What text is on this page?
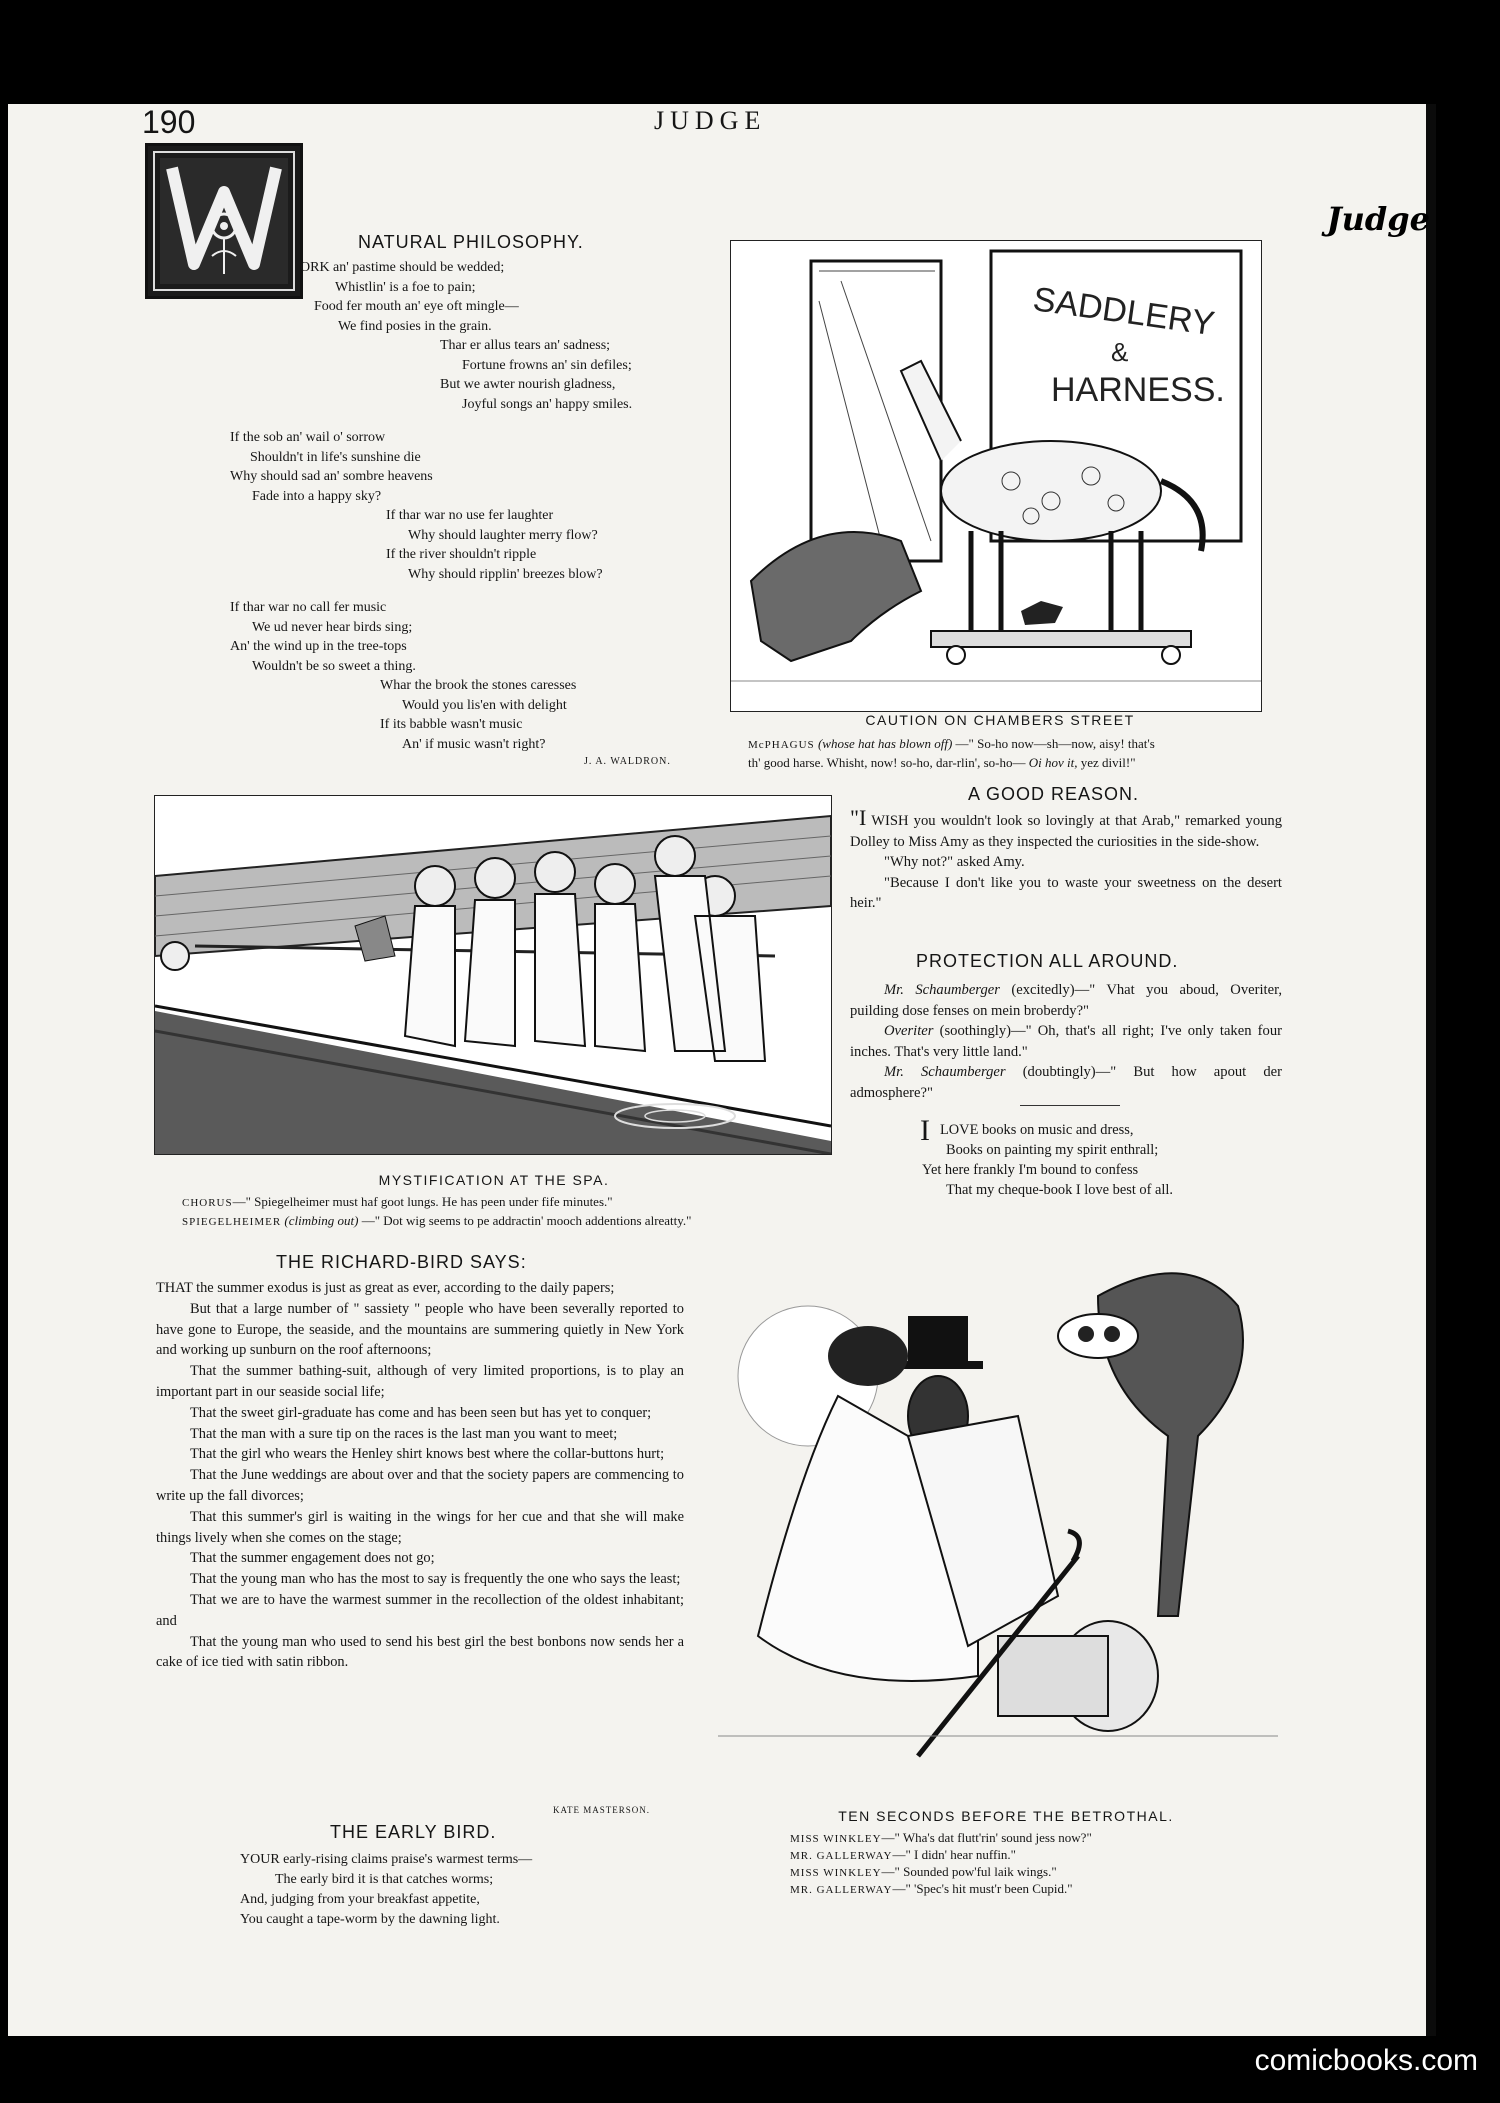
Judge
190	JUDGE
NATURAL PHILOSOPHY.
ORK an' pastime should be wedded;
Whistlin' is a foe to pain;
Food fer mouth an' eye oft mingle—
We find posies in the grain.
Thar er allus tears an' sadness;
Fortune frowns an' sin defiles;
But we awter nourish gladness,
Joyful songs an' happy smiles.
If the sob an' wail o' sorrow
Shouldn't in life's sunshine die
Why should sad an' sombre heavens
Fade into a happy sky?
If thar war no use fer laughter
Why should laughter merry flow?
If the river shouldn't ripple
Why should ripplin' breezes blow?
If thar war no call fer music
We ud never hear birds sing;
An' the wind up in the tree-tops
Wouldn't be so sweet a thing.
Whar the brook the stones caresses
Would you lis'en with delight
If its babble wasn't music
An' if music wasn't right?
J. A. WALDRON.
SADDLERY
&
HARNESS.
CAUTION ON CHAMBERS STREET
McPHAGUS (whose hat has blown off) —" So-ho now—sh—now, aisy! that's
th' good harse. Whisht, now! so-ho, dar-rlin', so-ho— Oi hov it, yez divil!"
MYSTIFICATION AT THE SPA.
CHORUS—" Spiegelheimer must haf goot lungs. He has peen under fife minutes."
SPIEGELHEIMER (climbing out) —" Dot wig seems to pe addractin' mooch addentions alreatty."
A GOOD REASON.

"I WISH you wouldn't look so lovingly at that Arab," remarked young Dolley to Miss Amy as they inspected the curiosities in the side-show.

"Why not?" asked Amy.

"Because I don't like you to waste your sweetness on the desert heir."

PROTECTION ALL AROUND.

Mr. Schaumberger (excitedly)—" Vhat you aboud, Overiter, puilding dose fenses on mein broberdy?"

Overiter (soothingly)—" Oh, that's all right; I've only taken four inches. That's very little land."

Mr. Schaumberger (doubtingly)—" But how apout der admosphere?"

I LOVE books on music and dress,
Books on painting my spirit enthrall;
Yet here frankly I'm bound to confess
That my cheque-book I love best of all.
THE RICHARD-BIRD SAYS:

THAT the summer exodus is just as great as ever, according to the daily papers;

But that a large number of " sassiety " people who have been severally reported to have gone to Europe, the seaside, and the mountains are summering quietly in New York and working up sunburn on the roof afternoons;

That the summer bathing-suit, although of very limited proportions, is to play an important part in our seaside social life;

That the sweet girl-graduate has come and has been seen but has yet to conquer;

That the man with a sure tip on the races is the last man you want to meet;

That the girl who wears the Henley shirt knows best where the collar-buttons hurt;

That the June weddings are about over and that the society papers are commencing to write up the fall divorces;

That this summer's girl is waiting in the wings for her cue and that she will make things lively when she comes on the stage;

That the summer engagement does not go;

That the young man who has the most to say is frequently the one who says the least;

That we are to have the warmest summer in the recollection of the oldest inhabitant; and

That the young man who used to send his best girl the best bonbons now sends her a cake of ice tied with satin ribbon.

KATE MASTERSON.
THE EARLY BIRD.
YOUR early-rising claims praise's warmest terms—
The early bird it is that catches worms;
And, judging from your breakfast appetite,
You caught a tape-worm by the dawning light.
TEN SECONDS BEFORE THE BETROTHAL.
MISS WINKLEY—" Wha's dat flutt'rin' sound jess now?"
MR. GALLERWAY—" I didn' hear nuffin."
MISS WINKLEY—" Sounded pow'ful laik wings."
MR. GALLERWAY—" 'Spec's hit must'r been Cupid."
comicbooks.com
